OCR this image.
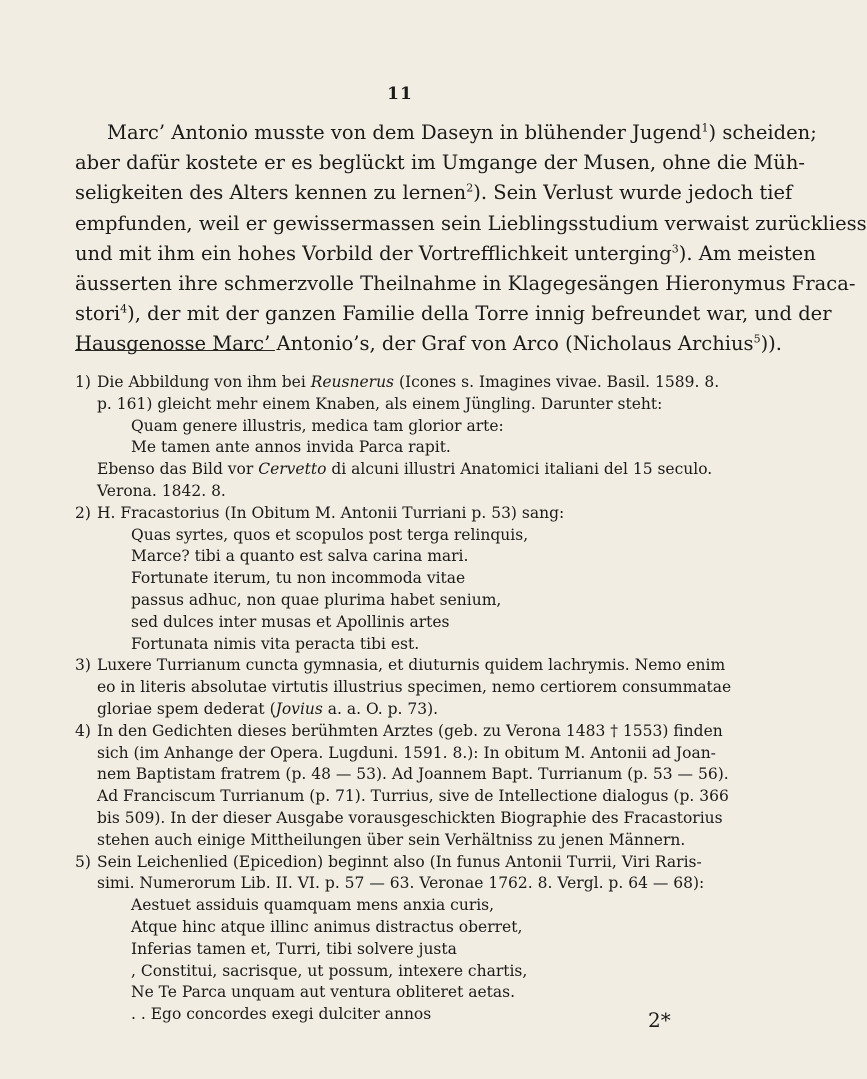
11
Marc’ Antonio musste von dem Daseyn in blühender Jugend$^1$) scheiden;
aber dafür kostete er es beglückt im Umgange der Musen, ohne die Müh-
seligkeiten des Alters kennen zu lernen$^2$). Sein Verlust wurde jedoch tief
empfunden, weil er gewissermassen sein Lieblingsstudium verwaist zurückliess
und mit ihm ein hohes Vorbild der Vortrefflichkeit unterging$^3$). Am meisten
äusserten ihre schmerzvolle Theilnahme in Klagegesängen Hieronymus Fraca-
stori$^4$), der mit der ganzen Familie della Torre innig befreundet war, und der
Hausgenosse Marc’ Antonio’s, der Graf von Arco (Nicholaus Archius$^5$)).
1) Die Abbildung von ihm bei Reusnerus (Icones s. Imagines vivae. Basil. 1589. 8.
p. 161) gleicht mehr einem Knaben, als einem Jüngling. Darunter steht:
Quam genere illustris, medica tam glorior arte:
Me tamen ante annos invida Parca rapit.
Ebenso das Bild vor Cervetto di alcuni illustri Anatomici italiani del 15 seculo.
Verona. 1842. 8.
2) H. Fracastorius (In Obitum M. Antonii Turriani p. 53) sang:
Quas syrtes, quos et scopulos post terga relinquis,
Marce? tibi a quanto est salva carina mari.
Fortunate iterum, tu non incommoda vitae
passus adhuc, non quae plurima habet senium,
sed dulces inter musas et Apollinis artes
Fortunata nimis vita peracta tibi est.
3) Luxere Turrianum cuncta gymnasia, et diuturnis quidem lachrymis. Nemo enim
eo in literis absolutae virtutis illustrius specimen, nemo certiorem consummatae
gloriae spem dederat (Jovius a. a. O. p. 73).
4) In den Gedichten dieses berühmten Arztes (geb. zu Verona 1483 † 1553) finden
sich (im Anhange der Opera. Lugduni. 1591. 8.): In obitum M. Antonii ad Joan-
nem Baptistam fratrem (p. 48 — 53). Ad Joannem Bapt. Turrianum (p. 53 — 56).
Ad Franciscum Turrianum (p. 71). Turrius, sive de Intellectione dialogus (p. 366
bis 509). In der dieser Ausgabe vorausgeschickten Biographie des Fracastorius
stehen auch einige Mittheilungen über sein Verhältniss zu jenen Männern.
5) Sein Leichenlied (Epicedion) beginnt also (In funus Antonii Turrii, Viri Raris-
simi. Numerorum Lib. II. VI. p. 57 — 63. Veronae 1762. 8. Vergl. p. 64 — 68):
Aestuet assiduis quamquam mens anxia curis,
Atque hinc atque illinc animus distractus oberret,
Inferias tamen et, Turri, tibi solvere justa
, Constitui, sacrisque, ut possum, intexere chartis,
Ne Te Parca unquam aut ventura obliteret aetas.
. . Ego concordes exegi dulciter annos	2*
